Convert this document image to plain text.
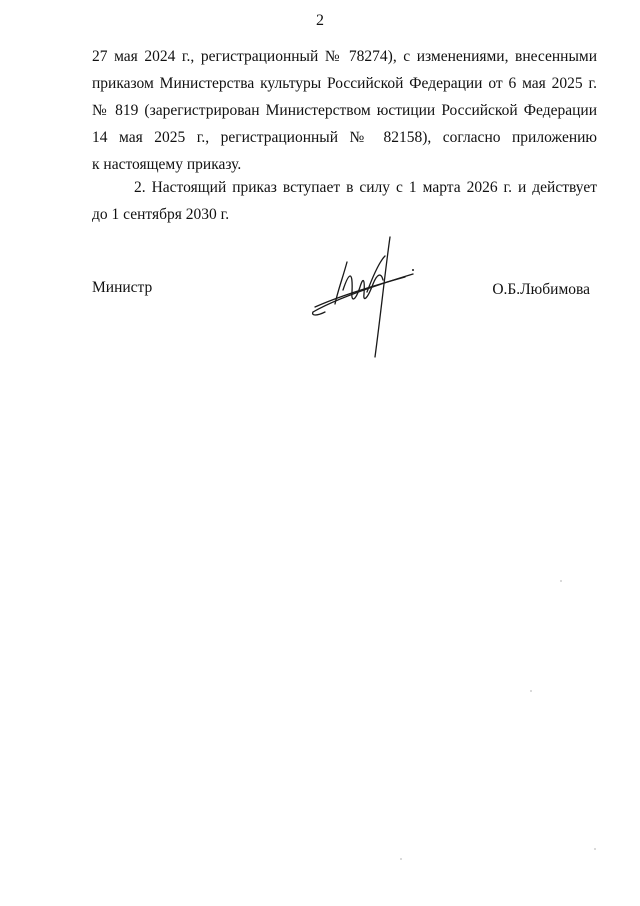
2
27 мая 2024 г., регистрационный № 78274), с изменениями, внесенными
приказом Министерства культуры Российской Федерации от 6 мая 2025 г.
№ 819 (зарегистрирован Министерством юстиции Российской Федерации
14 мая 2025 г., регистрационный № 82158), согласно приложению
к настоящему приказу.
2. Настоящий приказ вступает в силу с 1 марта 2026 г. и действует
до 1 сентября 2030 г.
Министр	О.Б.Любимова
